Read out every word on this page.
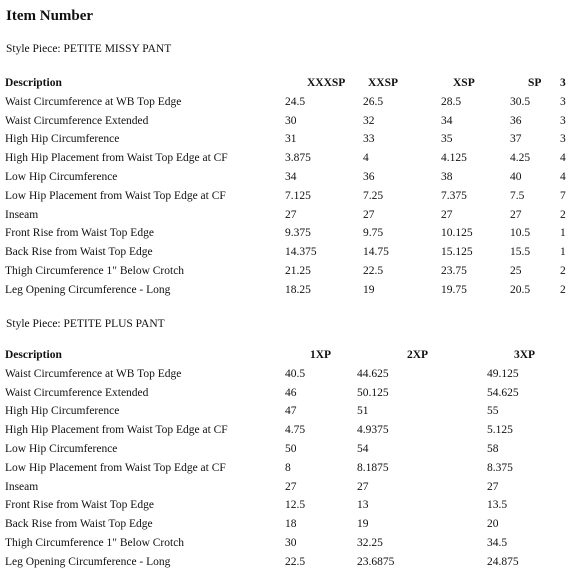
Item Number
Style Piece: PETITE MISSY PANT
Description	XXXSP	XXSP	XSP	SP	3
Waist Circumference at WB Top Edge	24.5	26.5	28.5	30.5	3
Waist Circumference Extended	30	32	34	36	3
High Hip Circumference	31	33	35	37	3
High Hip Placement from Waist Top Edge at CF	3.875	4	4.125	4.25	4
Low Hip Circumference	34	36	38	40	4
Low Hip Placement from Waist Top Edge at CF	7.125	7.25	7.375	7.5	7
Inseam	27	27	27	27	2
Front Rise from Waist Top Edge	9.375	9.75	10.125	10.5	1
Back Rise from Waist Top Edge	14.375	14.75	15.125	15.5	1
Thigh Circumference 1" Below Crotch	21.25	22.5	23.75	25	2
Leg Opening Circumference - Long	18.25	19	19.75	20.5	2
Style Piece: PETITE PLUS PANT
Description	1XP	2XP	3XP
Waist Circumference at WB Top Edge	40.5	44.625	49.125
Waist Circumference Extended	46	50.125	54.625
High Hip Circumference	47	51	55
High Hip Placement from Waist Top Edge at CF	4.75	4.9375	5.125
Low Hip Circumference	50	54	58
Low Hip Placement from Waist Top Edge at CF	8	8.1875	8.375
Inseam	27	27	27
Front Rise from Waist Top Edge	12.5	13	13.5
Back Rise from Waist Top Edge	18	19	20
Thigh Circumference 1" Below Crotch	30	32.25	34.5
Leg Opening Circumference - Long	22.5	23.6875	24.875
